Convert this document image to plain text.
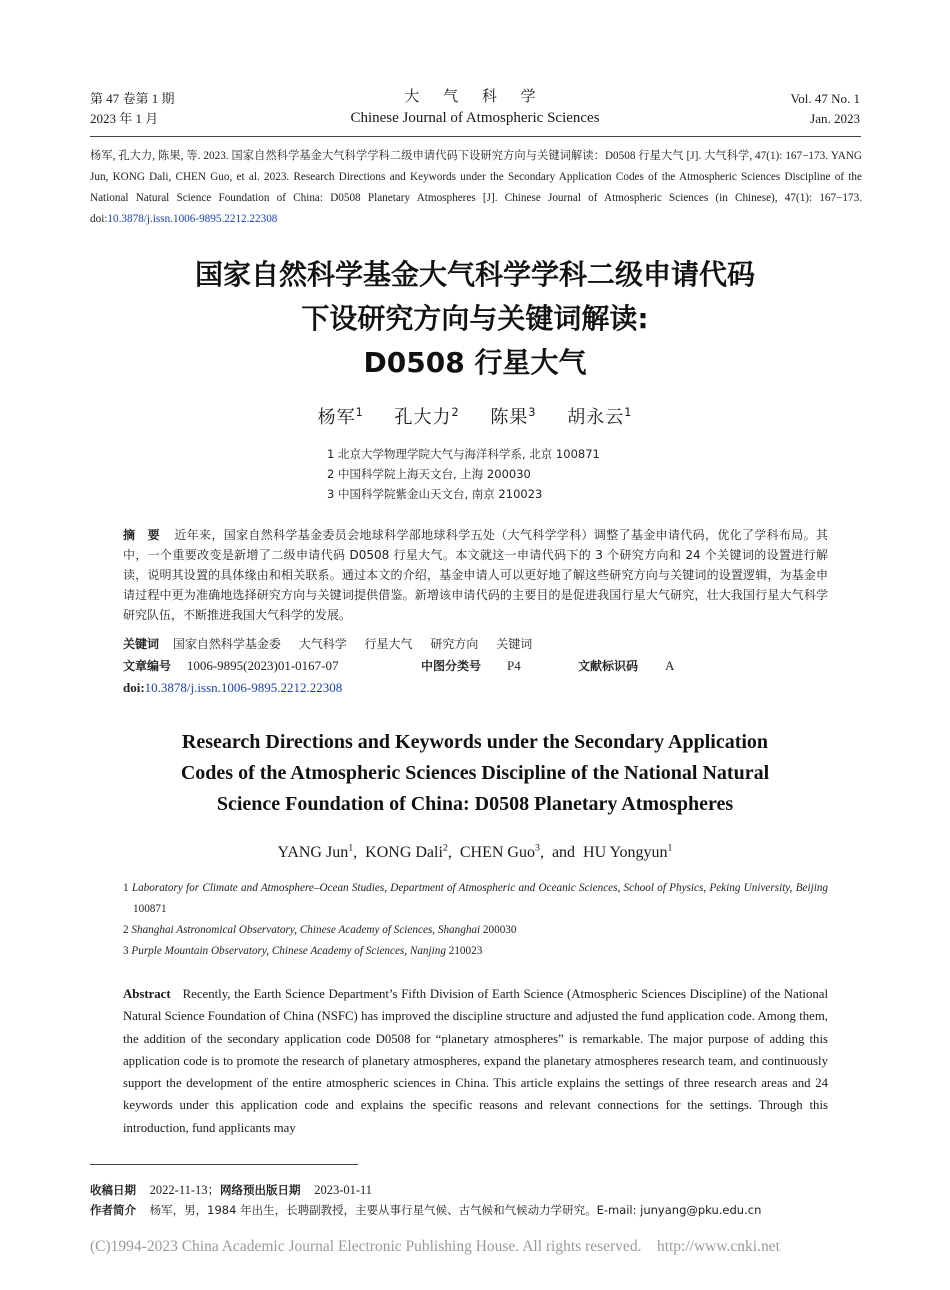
第 47 卷第 1 期
2023 年 1 月
大 气 科 学
Chinese Journal of Atmospheric Sciences
Vol. 47 No. 1
Jan. 2023
杨军, 孔大力, 陈果, 等. 2023. 国家自然科学基金大气科学学科二级申请代码下设研究方向与关键词解读：D0508 行星大气 [J]. 大气科学, 47(1): 167−173. YANG Jun, KONG Dali, CHEN Guo, et al. 2023. Research Directions and Keywords under the Secondary Application Codes of the Atmospheric Sciences Discipline of the National Natural Science Foundation of China: D0508 Planetary Atmospheres [J]. Chinese Journal of Atmospheric Sciences (in Chinese), 47(1): 167−173. doi:10.3878/j.issn.1006-9895.2212.22308
国家自然科学基金大气科学学科二级申请代码
下设研究方向与关键词解读:
D0508 行星大气
杨军$^1$ 孔大力$^2$ 陈果$^3$ 胡永云$^1$
1 北京大学物理学院大气与海洋科学系, 北京 100871
2 中国科学院上海天文台, 上海 200030
3 中国科学院紫金山天文台, 南京 210023
摘　要 近年来，国家自然科学基金委员会地球科学部地球科学五处（大气科学学科）调整了基金申请代码，优化了学科布局。其中，一个重要改变是新增了二级申请代码 D0508 行星大气。本文就这一申请代码下的 3 个研究方向和 24 个关键词的设置进行解读，说明其设置的具体缘由和相关联系。通过本文的介绍，基金申请人可以更好地了解这些研究方向与关键词的设置逻辑，为基金申请过程中更为准确地选择研究方向与关键词提供借鉴。新增该申请代码的主要目的是促进我国行星大气研究，壮大我国行星大气科学研究队伍，不断推进我国大气科学的发展。
关键词 国家自然科学基金委 大气科学 行星大气 研究方向 关键词
文章编号 1006-9895(2023)01-0167-07	中图分类号 P4	文献标识码 A
doi:10.3878/j.issn.1006-9895.2212.22308
Research Directions and Keywords under the Secondary Application
Codes of the Atmospheric Sciences Discipline of the National Natural
Science Foundation of China: D0508 Planetary Atmospheres
YANG Jun$^1$,  KONG Dali$^2$,  CHEN Guo$^3$,  and  HU Yongyun$^1$
1 Laboratory for Climate and Atmosphere–Ocean Studies, Department of Atmospheric and Oceanic Sciences, School of Physics, Peking University, Beijing 100871
2 Shanghai Astronomical Observatory, Chinese Academy of Sciences, Shanghai 200030
3 Purple Mountain Observatory, Chinese Academy of Sciences, Nanjing 210023
Abstract Recently, the Earth Science Department’s Fifth Division of Earth Science (Atmospheric Sciences Discipline) of the National Natural Science Foundation of China (NSFC) has improved the discipline structure and adjusted the fund application code. Among them, the addition of the secondary application code D0508 for “planetary atmospheres” is remarkable. The major purpose of adding this application code is to promote the research of planetary atmospheres, expand the planetary atmospheres research team, and continuously support the development of the entire atmospheric sciences in China. This article explains the settings of three research areas and 24 keywords under this application code and explains the specific reasons and relevant connections for the settings. Through this introduction, fund applicants may
收稿日期 2022-11-13；网络预出版日期 2023-01-11
作者简介 杨军，男，1984 年出生，长聘副教授，主要从事行星气候、古气候和气候动力学研究。E-mail: junyang@pku.edu.cn
(C)1994-2023 China Academic Journal Electronic Publishing House. All rights reserved.    http://www.cnki.net
